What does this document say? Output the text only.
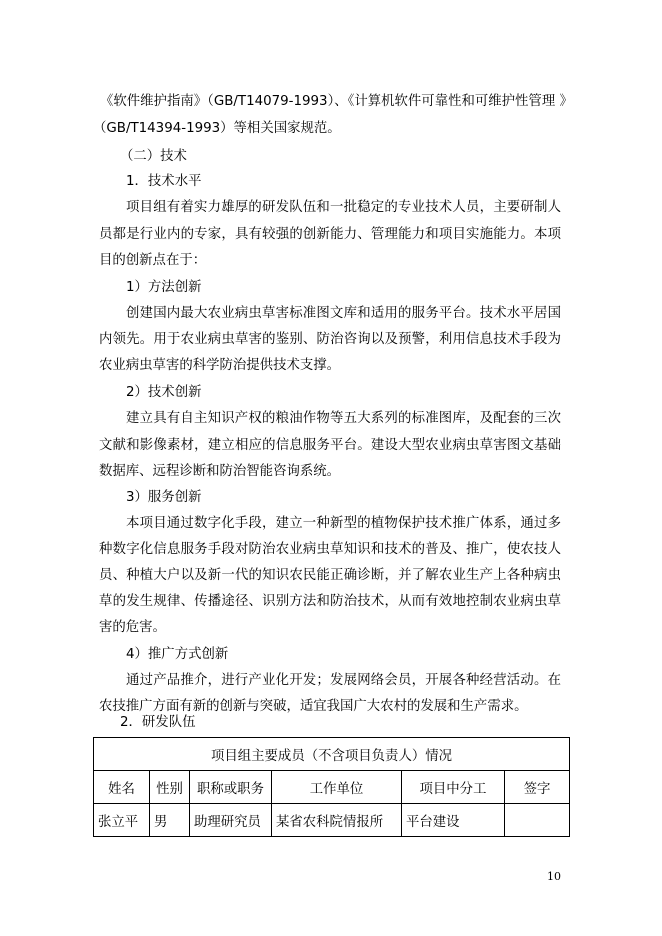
《软件维护指南》（GB/T14079-1993）、《计算机软件可靠性和可维护性管理 》
（GB/T14394-1993）等相关国家规范。
（二）技术
1．技术水平
项目组有着实力雄厚的研发队伍和一批稳定的专业技术人员，主要研制人
员都是行业内的专家，具有较强的创新能力、管理能力和项目实施能力。本项
目的创新点在于：
1）方法创新
创建国内最大农业病虫草害标准图文库和适用的服务平台。技术水平居国
内领先。用于农业病虫草害的鉴别、防治咨询以及预警，利用信息技术手段为
农业病虫草害的科学防治提供技术支撑。
2）技术创新
建立具有自主知识产权的粮油作物等五大系列的标准图库，及配套的三次
文献和影像素材，建立相应的信息服务平台。建设大型农业病虫草害图文基础
数据库、远程诊断和防治智能咨询系统。
3）服务创新
本项目通过数字化手段，建立一种新型的植物保护技术推广体系，通过多
种数字化信息服务手段对防治农业病虫草知识和技术的普及、推广，使农技人
员、种植大户以及新一代的知识农民能正确诊断，并了解农业生产上各种病虫
草的发生规律、传播途径、识别方法和防治技术，从而有效地控制农业病虫草
害的危害。
4）推广方式创新
通过产品推介，进行产业化开发；发展网络会员，开展各种经营活动。在
农技推广方面有新的创新与突破，适宜我国广大农村的发展和生产需求。
2．研发队伍
项目组主要成员（不含项目负责人）情况					
姓名	性别	职称或职务	工作单位	项目中分工	签字
张立平	男	助理研究员	某省农科院情报所	平台建设	
10
